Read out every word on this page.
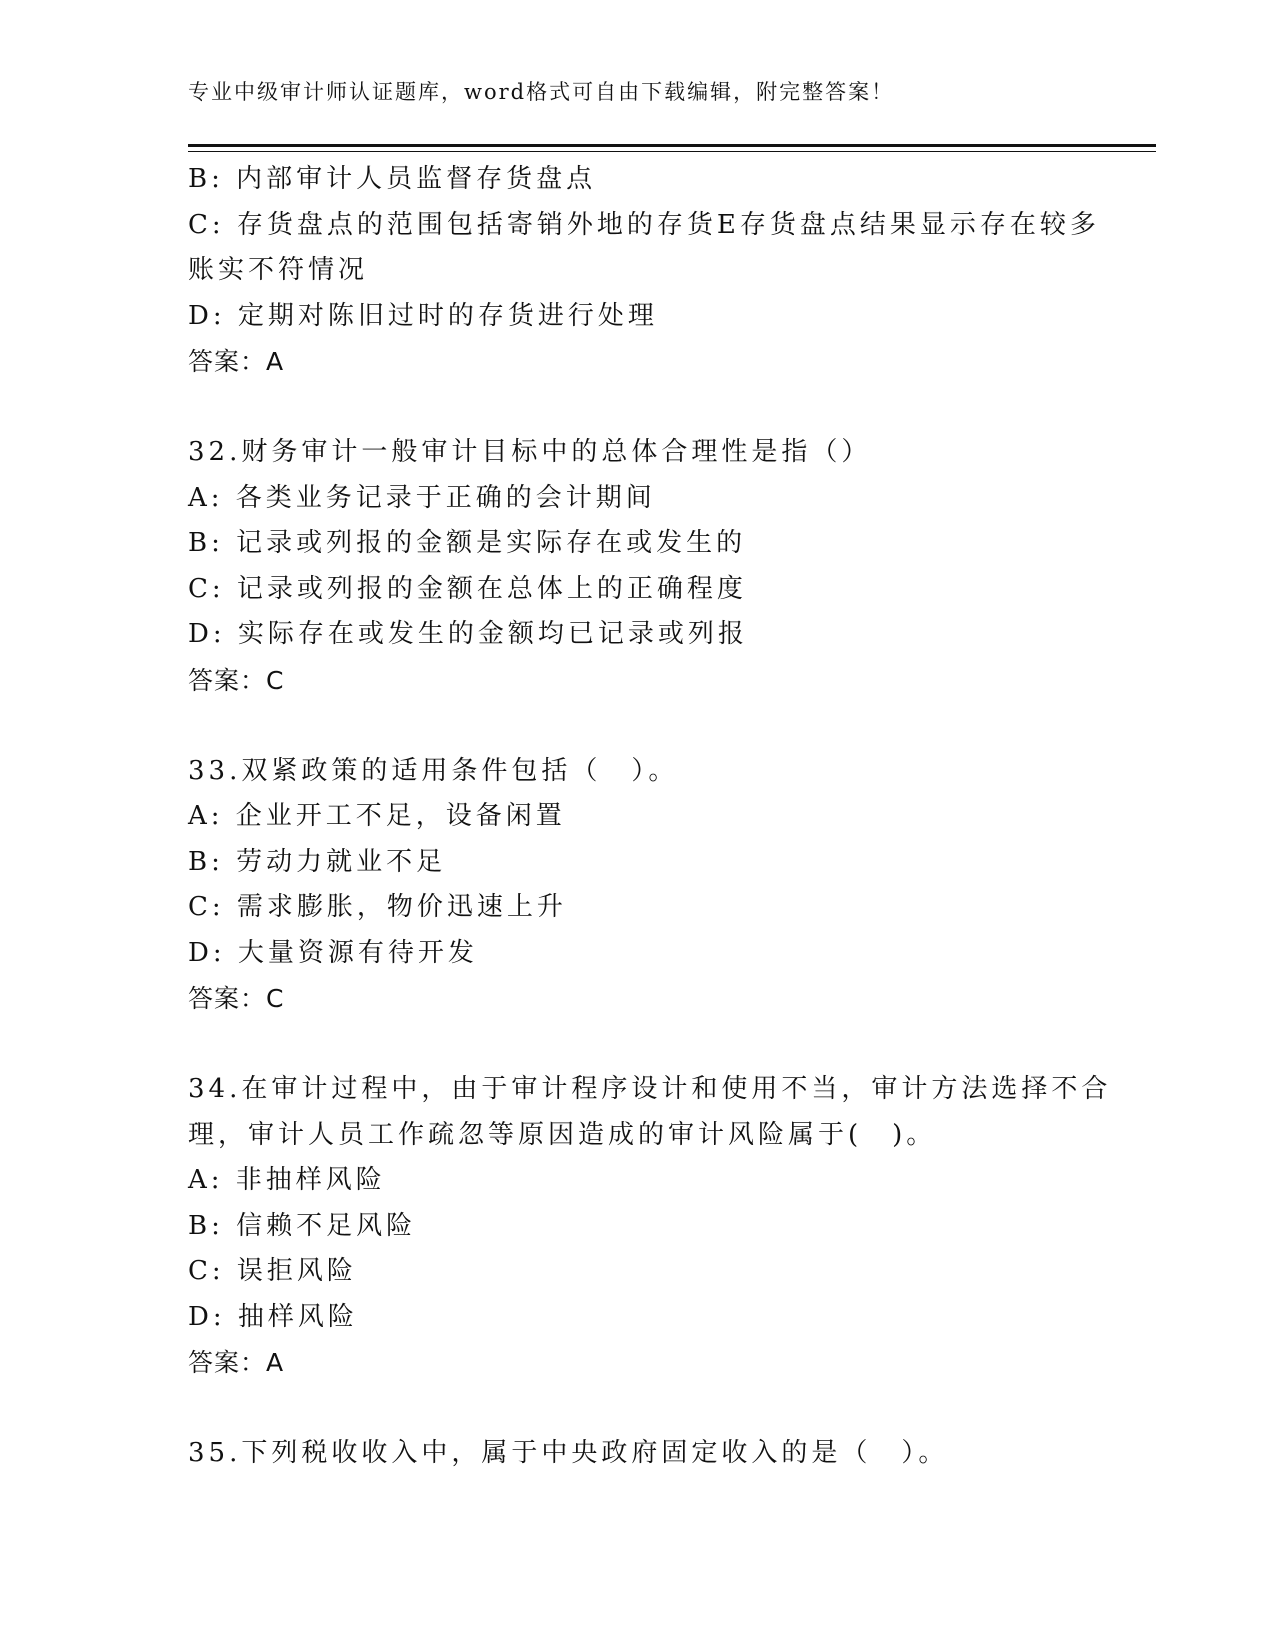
专业中级审计师认证题库，word格式可自由下载编辑，附完整答案！
B: 内部审计人员监督存货盘点
C: 存货盘点的范围包括寄销外地的存货E存货盘点结果显示存在较多
账实不符情况
D: 定期对陈旧过时的存货进行处理
答案：A
32.财务审计一般审计目标中的总体合理性是指（）
A: 各类业务记录于正确的会计期间
B: 记录或列报的金额是实际存在或发生的
C: 记录或列报的金额在总体上的正确程度
D: 实际存在或发生的金额均已记录或列报
答案：C
33.双紧政策的适用条件包括（　）。
A: 企业开工不足，设备闲置
B: 劳动力就业不足
C: 需求膨胀，物价迅速上升
D: 大量资源有待开发
答案：C
34.在审计过程中，由于审计程序设计和使用不当，审计方法选择不合
理，审计人员工作疏忽等原因造成的审计风险属于(　)。
A: 非抽样风险
B: 信赖不足风险
C: 误拒风险
D: 抽样风险
答案：A
35.下列税收收入中，属于中央政府固定收入的是（　）。
